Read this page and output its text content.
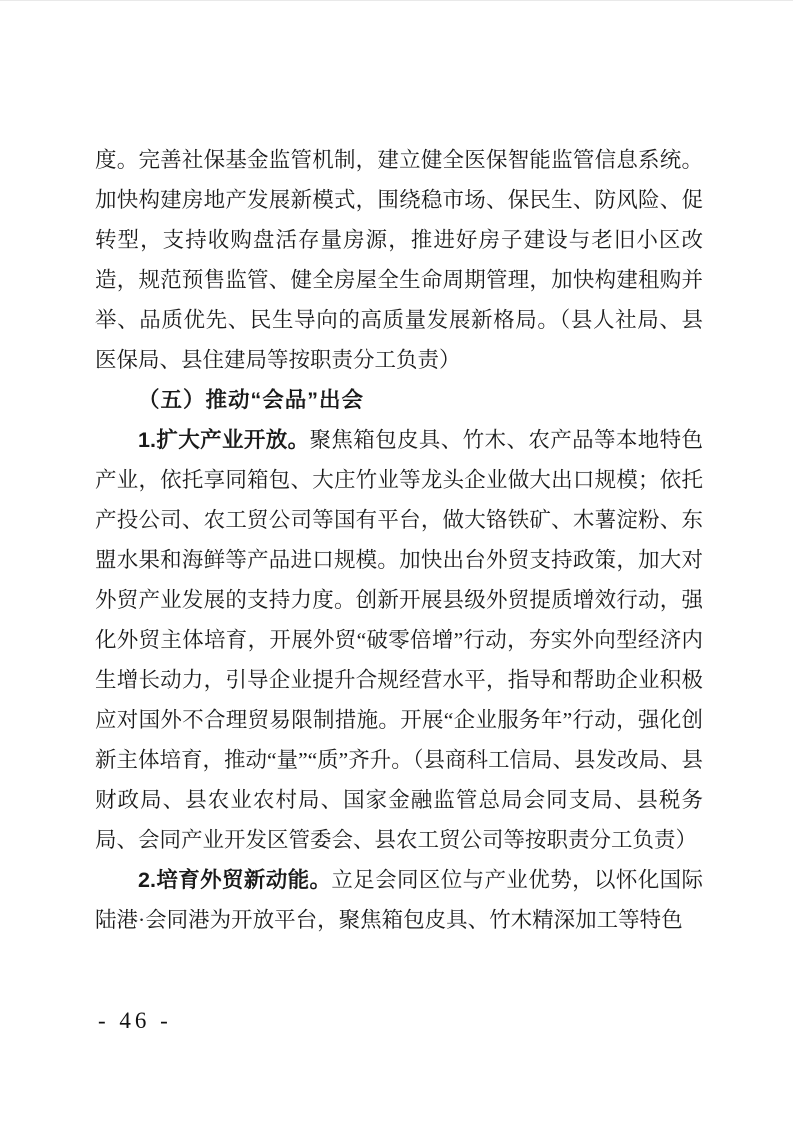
度。完善社保基金监管机制，建立健全医保智能监管信息系统。加快构建房地产发展新模式，围绕稳市场、保民生、防风险、促转型，支持收购盘活存量房源，推进好房子建设与老旧小区改造，规范预售监管、健全房屋全生命周期管理，加快构建租购并举、品质优先、民生导向的高质量发展新格局。（县人社局、县医保局、县住建局等按职责分工负责）

（五）推动“会品”出会

1.扩大产业开放。聚焦箱包皮具、竹木、农产品等本地特色产业，依托享同箱包、大庄竹业等龙头企业做大出口规模；依托产投公司、农工贸公司等国有平台，做大铬铁矿、木薯淀粉、东盟水果和海鲜等产品进口规模。加快出台外贸支持政策，加大对外贸产业发展的支持力度。创新开展县级外贸提质增效行动，强化外贸主体培育，开展外贸“破零倍增”行动，夯实外向型经济内生增长动力，引导企业提升合规经营水平，指导和帮助企业积极应对国外不合理贸易限制措施。开展“企业服务年”行动，强化创新主体培育，推动“量”“质”齐升。（县商科工信局、县发改局、县财政局、县农业农村局、国家金融监管总局会同支局、县税务局、会同产业开发区管委会、县农工贸公司等按职责分工负责）

2.培育外贸新动能。立足会同区位与产业优势，以怀化国际陆港·会同港为开放平台，聚焦箱包皮具、竹木精深加工等特色

- 46 -
